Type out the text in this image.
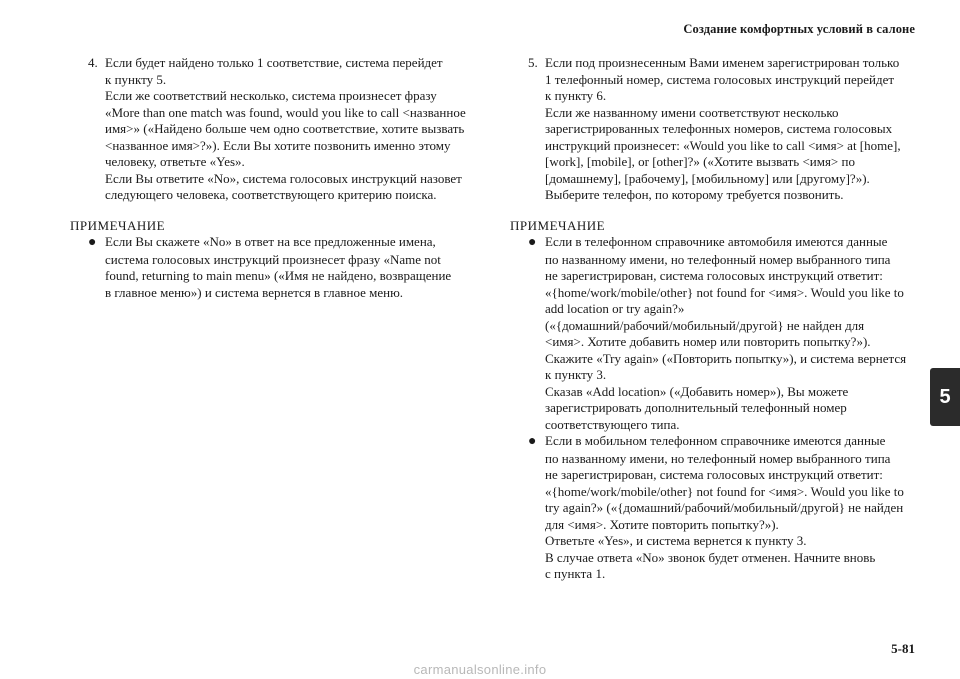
Создание комфортных условий в салоне
4. Если будет найдено только 1 соответствие, система перейдет
к пункту 5.
Если же соответствий несколько, система произнесет фразу
«More than one match was found, would you like to call <названное
имя>» («Найдено больше чем одно соответствие, хотите вызвать
<названное имя>?»). Если Вы хотите позвонить именно этому
человеку, ответьте «Yes».
Если Вы ответите «No», система голосовых инструкций назовет
следующего человека, соответствующего критерию поиска.
ПРИМЕЧАНИЕ
● Если Вы скажете «No» в ответ на все предложенные имена,
система голосовых инструкций произнесет фразу «Name not
found, returning to main menu» («Имя не найдено, возвращение
в главное меню») и система вернется в главное меню.
5. Если под произнесенным Вами именем зарегистрирован только
1 телефонный номер, система голосовых инструкций перейдет
к пункту 6.
Если же названному имени соответствуют несколько
зарегистрированных телефонных номеров, система голосовых
инструкций произнесет: «Would you like to call <имя> at [home],
[work], [mobile], or [other]?» («Хотите вызвать <имя> по
[домашнему], [рабочему], [мобильному] или [другому]?»).
Выберите телефон, по которому требуется позвонить.
ПРИМЕЧАНИЕ
● Если в телефонном справочнике автомобиля имеются данные
по названному имени, но телефонный номер выбранного типа
не зарегистрирован, система голосовых инструкций ответит:
«{home/work/mobile/other} not found for <имя>. Would you like to
add location or try again?»
(«{домашний/рабочий/мобильный/другой} не найден для
<имя>. Хотите добавить номер или повторить попытку?»).
Скажите «Try again» («Повторить попытку»), и система вернется
к пункту 3.
Сказав «Add location» («Добавить номер»), Вы можете
зарегистрировать дополнительный телефонный номер
соответствующего типа.
● Если в мобильном телефонном справочнике имеются данные
по названному имени, но телефонный номер выбранного типа
не зарегистрирован, система голосовых инструкций ответит:
«{home/work/mobile/other} not found for <имя>. Would you like to
try again?» («{домашний/рабочий/мобильный/другой} не найден
для <имя>. Хотите повторить попытку?»).
Ответьте «Yes», и система вернется к пункту 3.
В случае ответа «No» звонок будет отменен. Начните вновь
с пункта 1.
5
5-81
carmanualsonline.info
